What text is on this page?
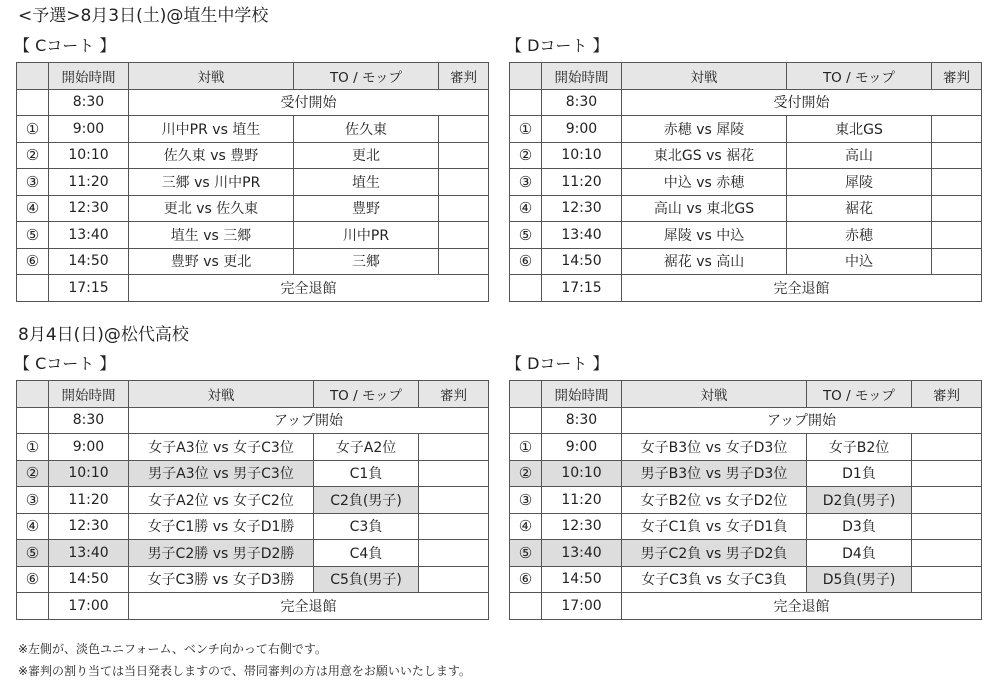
<予選>8月3日(土)@埴生中学校
【 Cコート 】
	開始時間	対戦	TO / モップ	審判
	8:30	受付開始		
①	9:00	川中PR vs 埴生	佐久東	
②	10:10	佐久東 vs 豊野	更北	
③	11:20	三郷 vs 川中PR	埴生	
④	12:30	更北 vs 佐久東	豊野	
⑤	13:40	埴生 vs 三郷	川中PR	
⑥	14:50	豊野 vs 更北	三郷	
	17:15	完全退館		
【 Dコート 】
	開始時間	対戦	TO / モップ	審判
	8:30	受付開始		
①	9:00	赤穂 vs 犀陵	東北GS	
②	10:10	東北GS vs 裾花	高山	
③	11:20	中込 vs 赤穂	犀陵	
④	12:30	高山 vs 東北GS	裾花	
⑤	13:40	犀陵 vs 中込	赤穂	
⑥	14:50	裾花 vs 高山	中込	
	17:15	完全退館		
8月4日(日)@松代高校
【 Cコート 】
	開始時間	対戦	TO / モップ	審判
	8:30	アップ開始		
①	9:00	女子A3位 vs 女子C3位	女子A2位	
②	10:10	男子A3位 vs 男子C3位	C1負	
③	11:20	女子A2位 vs 女子C2位	C2負(男子)	
④	12:30	女子C1勝 vs 女子D1勝	C3負	
⑤	13:40	男子C2勝 vs 男子D2勝	C4負	
⑥	14:50	女子C3勝 vs 女子D3勝	C5負(男子)	
	17:00	完全退館		
【 Dコート 】
	開始時間	対戦	TO / モップ	審判
	8:30	アップ開始		
①	9:00	女子B3位 vs 女子D3位	女子B2位	
②	10:10	男子B3位 vs 男子D3位	D1負	
③	11:20	女子B2位 vs 女子D2位	D2負(男子)	
④	12:30	女子C1負 vs 女子D1負	D3負	
⑤	13:40	男子C2負 vs 男子D2負	D4負	
⑥	14:50	女子C3負 vs 女子C3負	D5負(男子)	
	17:00	完全退館		
※左側が、淡色ユニフォーム、ベンチ向かって右側です。
※審判の割り当ては当日発表しますので、帯同審判の方は用意をお願いいたします。
